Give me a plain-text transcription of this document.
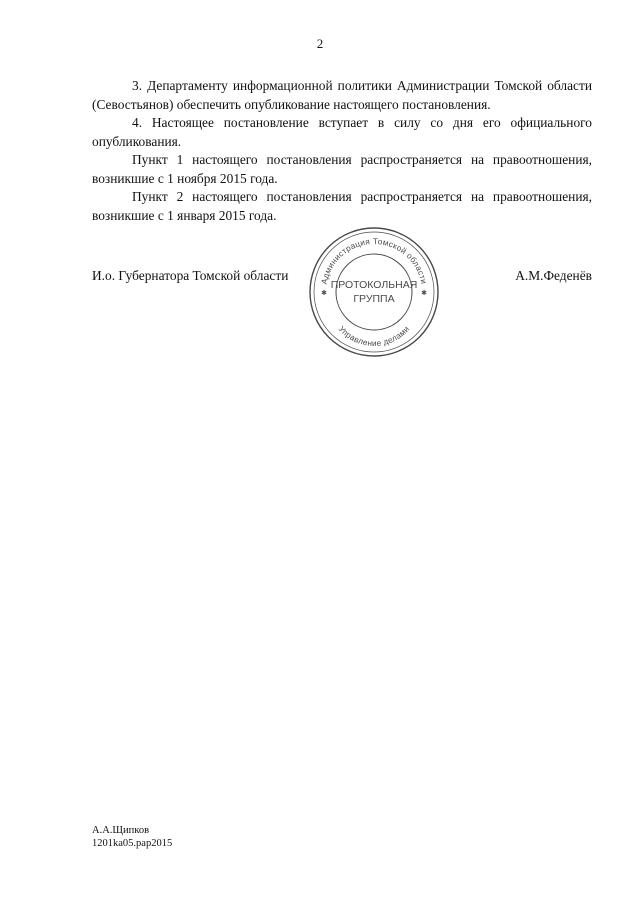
2

3. Департаменту информационной политики Администрации Томской области (Севостьянов) обеспечить опубликование настоящего постановления.

4. Настоящее постановление вступает в силу со дня его официального опубликования.

Пункт 1 настоящего постановления распространяется на правоотношения, возникшие с 1 ноября 2015 года.

Пункт 2 настоящего постановления распространяется на правоотношения, возникшие с 1 января 2015 года.

И.о. Губернатора Томской области	А.М.Феденёв
Администрация Томской области
Управление делами
✱	✱
ПРОТОКОЛЬНАЯ
ГРУППА
А.А.Щипков
1201ka05.pap2015
